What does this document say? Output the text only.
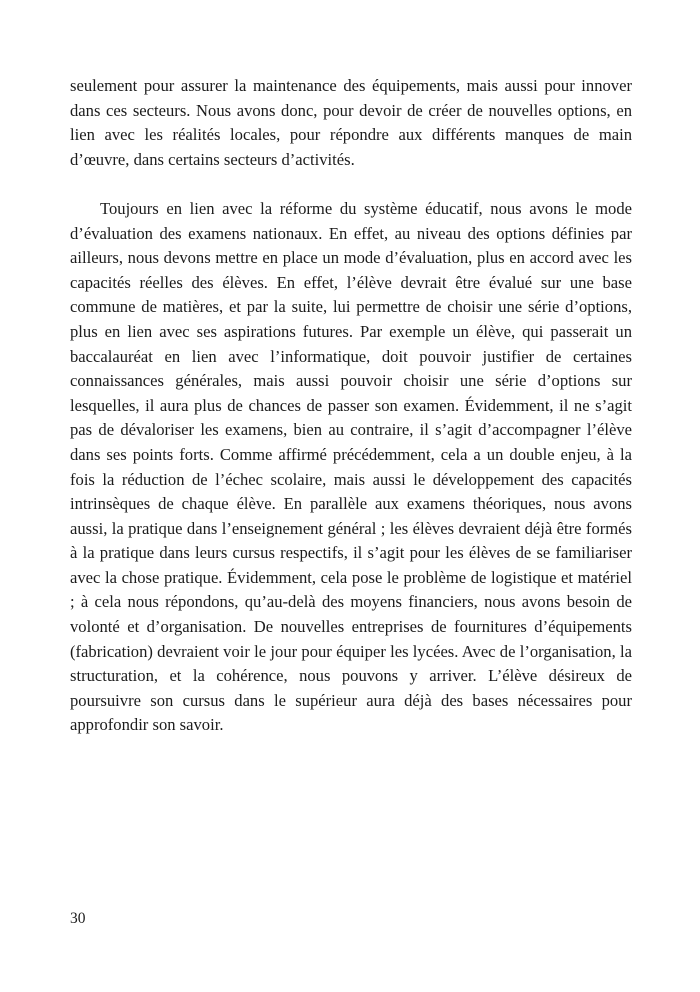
seulement pour assurer la maintenance des équipements, mais aussi pour innover dans ces secteurs. Nous avons donc, pour devoir de créer de nouvelles options, en lien avec les réalités locales, pour répondre aux différents manques de main d’œuvre, dans certains secteurs d’activités.

Toujours en lien avec la réforme du système éducatif, nous avons le mode d’évaluation des examens nationaux. En effet, au niveau des options définies par ailleurs, nous devons mettre en place un mode d’évaluation, plus en accord avec les capacités réelles des élèves. En effet, l’élève devrait être évalué sur une base commune de matières, et par la suite, lui permettre de choisir une série d’options, plus en lien avec ses aspirations futures. Par exemple un élève, qui passerait un baccalauréat en lien avec l’informatique, doit pouvoir justifier de certaines connaissances générales, mais aussi pouvoir choisir une série d’options sur lesquelles, il aura plus de chances de passer son examen. Évidemment, il ne s’agit pas de dévaloriser les examens, bien au contraire, il s’agit d’accompagner l’élève dans ses points forts. Comme affirmé précédemment, cela a un double enjeu, à la fois la réduction de l’échec scolaire, mais aussi le développement des capacités intrinsèques de chaque élève. En parallèle aux examens théoriques, nous avons aussi, la pratique dans l’enseignement général ; les élèves devraient déjà être formés à la pratique dans leurs cursus respectifs, il s’agit pour les élèves de se familiariser avec la chose pratique. Évidemment, cela pose le problème de logistique et matériel ; à cela nous répondons, qu’au-delà des moyens financiers, nous avons besoin de volonté et d’organisation. De nouvelles entreprises de fournitures d’équipements (fabrication) devraient voir le jour pour équiper les lycées. Avec de l’organisation, la structuration, et la cohérence, nous pouvons y arriver. L’élève désireux de poursuivre son cursus dans le supérieur aura déjà des bases nécessaires pour approfondir son savoir.

30
